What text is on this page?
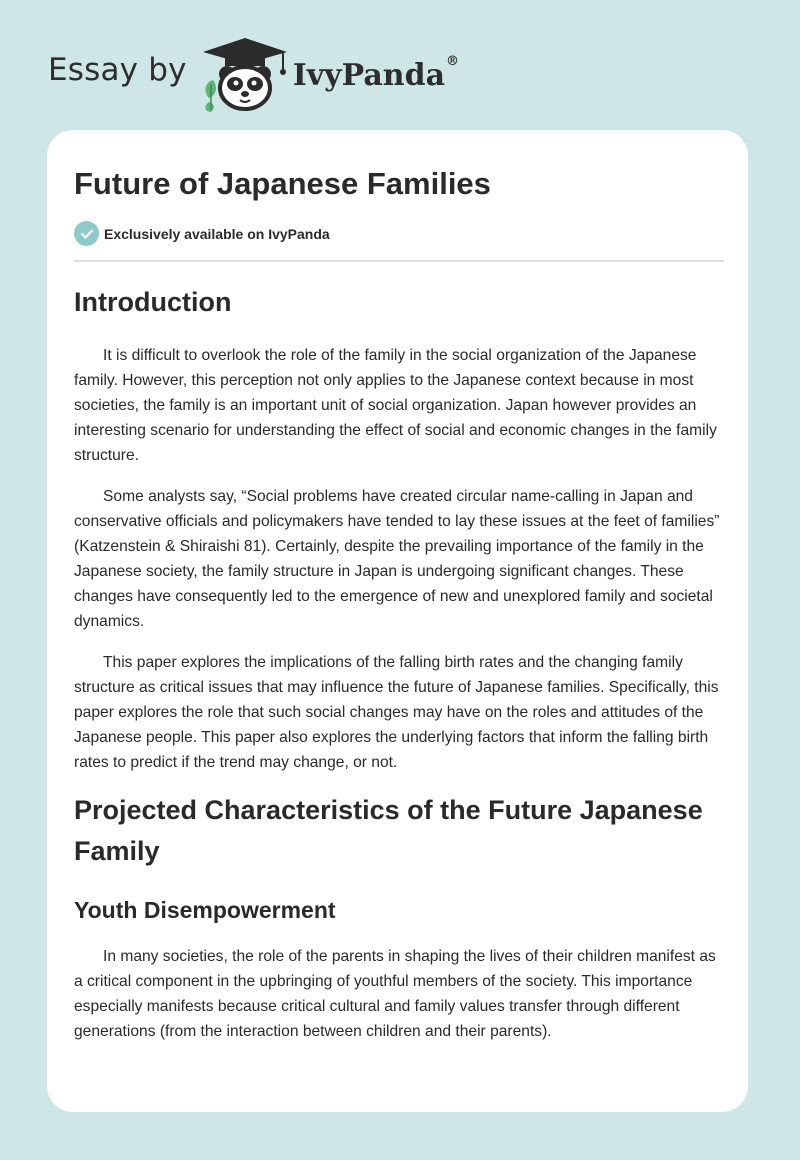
Essay by	IvyPanda®
Future of Japanese Families
Exclusively available on IvyPanda
Introduction

It is difficult to overlook the role of the family in the social organization of the Japanese family. However, this perception not only applies to the Japanese context because in most societies, the family is an important unit of social organization. Japan however provides an interesting scenario for understanding the effect of social and economic changes in the family structure.

Some analysts say, “Social problems have created circular name-calling in Japan and conservative officials and policymakers have tended to lay these issues at the feet of families” (Katzenstein & Shiraishi 81). Certainly, despite the prevailing importance of the family in the Japanese society, the family structure in Japan is undergoing significant changes. These changes have consequently led to the emergence of new and unexplored family and societal dynamics.

This paper explores the implications of the falling birth rates and the changing family structure as critical issues that may influence the future of Japanese families. Specifically, this paper explores the role that such social changes may have on the roles and attitudes of the Japanese people. This paper also explores the underlying factors that inform the falling birth rates to predict if the trend may change, or not.

Projected Characteristics of the Future Japanese Family
Youth Disempowerment

In many societies, the role of the parents in shaping the lives of their children manifest as a critical component in the upbringing of youthful members of the society. This importance especially manifests because critical cultural and family values transfer through different generations (from the interaction between children and their parents).
